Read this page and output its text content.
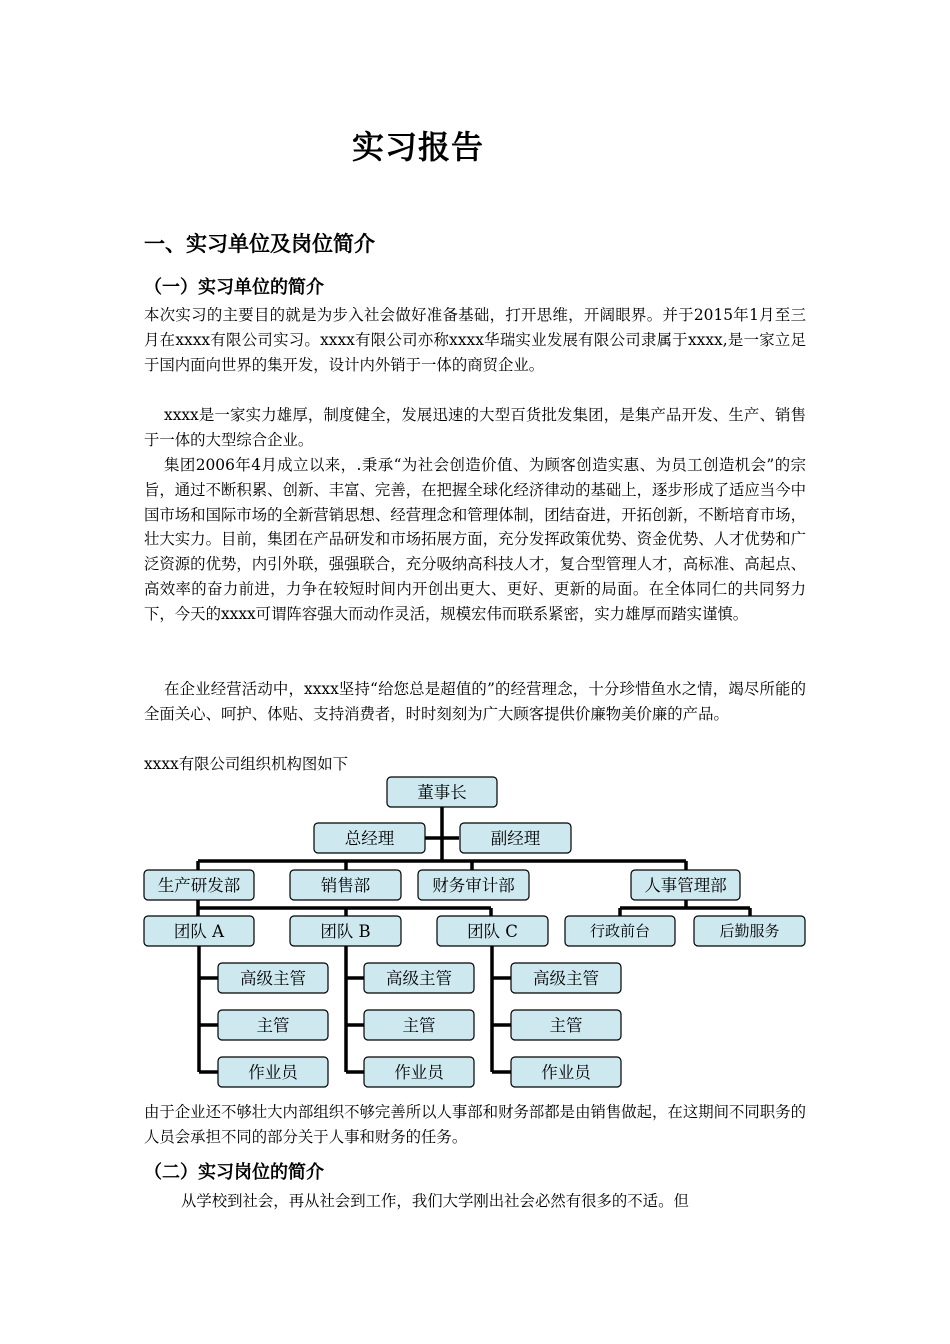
实习报告
一、实习单位及岗位简介
（一）实习单位的简介

本次实习的主要目的就是为步入社会做好准备基础，打开思维，开阔眼界。并于2015年1月至三月在xxxx有限公司实习。xxxx有限公司亦称xxxx华瑞实业发展有限公司隶属于xxxx,是一家立足于国内面向世界的集开发，设计内外销于一体的商贸企业。

xxxx是一家实力雄厚，制度健全，发展迅速的大型百货批发集团，是集产品开发、生产、销售于一体的大型综合企业。

集团2006年4月成立以来，.秉承“为社会创造价值、为顾客创造实惠、为员工创造机会”的宗旨，通过不断积累、创新、丰富、完善，在把握全球化经济律动的基础上，逐步形成了适应当今中国市场和国际市场的全新营销思想、经营理念和管理体制，团结奋进，开拓创新，不断培育市场，壮大实力。目前，集团在产品研发和市场拓展方面，充分发挥政策优势、资金优势、人才优势和广泛资源的优势，内引外联，强强联合，充分吸纳高科技人才，复合型管理人才，高标准、高起点、高效率的奋力前进，力争在较短时间内开创出更大、更好、更新的局面。在全体同仁的共同努力下，今天的xxxx可谓阵容强大而动作灵活，规模宏伟而联系紧密，实力雄厚而踏实谨慎。

在企业经营活动中，xxxx坚持“给您总是超值的”的经营理念，十分珍惜鱼水之情，竭尽所能的全面关心、呵护、体贴、支持消费者，时时刻刻为广大顾客提供价廉物美价廉的产品。

xxxx有限公司组织机构图如下
董事长
总经理	副经理
生产研发部	销售部	财务审计部	人事管理部
团队 A	团队 B	团队 C	行政前台	后勤服务
高级主管
主管
作业员
高级主管
主管
作业员
高级主管
主管
作业员

由于企业还不够壮大内部组织不够完善所以人事部和财务部都是由销售做起，在这期间不同职务的人员会承担不同的部分关于人事和财务的任务。

（二）实习岗位的简介

从学校到社会，再从社会到工作，我们大学刚出社会必然有很多的不适。但
